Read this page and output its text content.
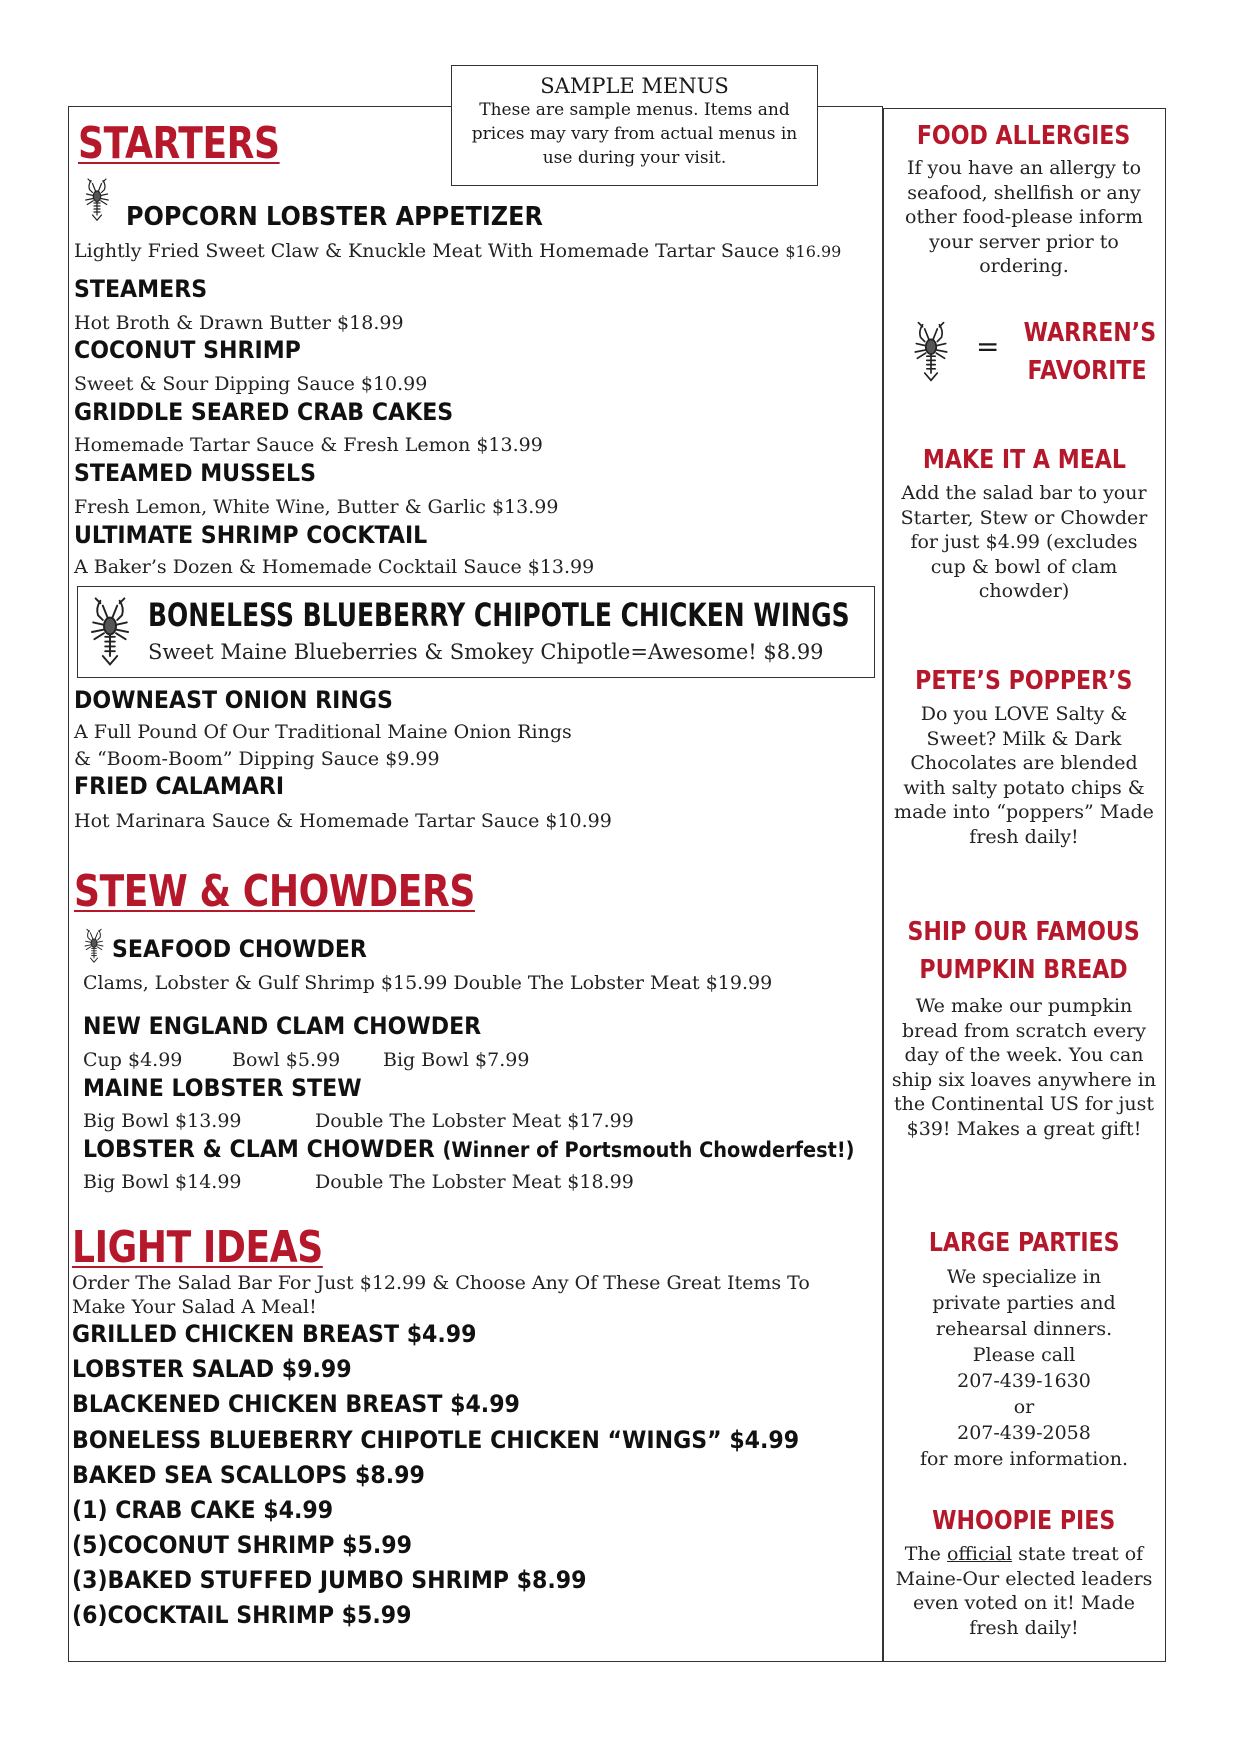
SAMPLE MENUS
These are sample menus. Items and prices may vary from actual menus in use during your visit.
STARTERS
POPCORN LOBSTER APPETIZER
Lightly Fried Sweet Claw & Knuckle Meat With Homemade Tartar Sauce $16.99
STEAMERS
Hot Broth & Drawn Butter $18.99
COCONUT SHRIMP
Sweet & Sour Dipping Sauce $10.99
GRIDDLE SEARED CRAB CAKES
Homemade Tartar Sauce & Fresh Lemon $13.99
STEAMED MUSSELS
Fresh Lemon, White Wine, Butter & Garlic $13.99
ULTIMATE SHRIMP COCKTAIL
A Baker’s Dozen & Homemade Cocktail Sauce $13.99
BONELESS BLUEBERRY CHIPOTLE CHICKEN WINGS
Sweet Maine Blueberries & Smokey Chipotle=Awesome! $8.99
DOWNEAST ONION RINGS
A Full Pound Of Our Traditional Maine Onion Rings
& “Boom-Boom” Dipping Sauce $9.99
FRIED CALAMARI
Hot Marinara Sauce & Homemade Tartar Sauce $10.99
STEW & CHOWDERS
SEAFOOD CHOWDER
Clams, Lobster & Gulf Shrimp $15.99 Double The Lobster Meat $19.99
NEW ENGLAND CLAM CHOWDER
Cup $4.99	Bowl $5.99 Big Bowl $7.99
MAINE LOBSTER STEW
Big Bowl $13.99	Double The Lobster Meat $17.99
LOBSTER & CLAM CHOWDER (Winner of Portsmouth Chowderfest!)
Big Bowl $14.99	Double The Lobster Meat $18.99
LIGHT IDEAS
Order The Salad Bar For Just $12.99 & Choose Any Of These Great Items To
Make Your Salad A Meal!
GRILLED CHICKEN BREAST $4.99
LOBSTER SALAD $9.99
BLACKENED CHICKEN BREAST $4.99
BONELESS BLUEBERRY CHIPOTLE CHICKEN “WINGS” $4.99
BAKED SEA SCALLOPS $8.99
(1) CRAB CAKE $4.99
(5)COCONUT SHRIMP $5.99
(3)BAKED STUFFED JUMBO SHRIMP $8.99
(6)COCKTAIL SHRIMP $5.99
FOOD ALLERGIES
If you have an allergy to seafood, shellfish or any other food-please inform your server prior to ordering.
= WARREN’S
FAVORITE
MAKE IT A MEAL
Add the salad bar to your Starter, Stew or Chowder for just $4.99 (excludes cup & bowl of clam chowder)
PETE’S POPPER’S
Do you LOVE Salty & Sweet? Milk & Dark Chocolates are blended with salty potato chips & made into “poppers” Made fresh daily!
SHIP OUR FAMOUS
PUMPKIN BREAD
We make our pumpkin bread from scratch every day of the week. You can ship six loaves anywhere in the Continental US for just $39! Makes a great gift!
LARGE PARTIES
We specialize in
private parties and
rehearsal dinners.
Please call
207-439-1630
or
207-439-2058
for more information.
WHOOPIE PIES
The official state treat of Maine-Our elected leaders even voted on it! Made fresh daily!
